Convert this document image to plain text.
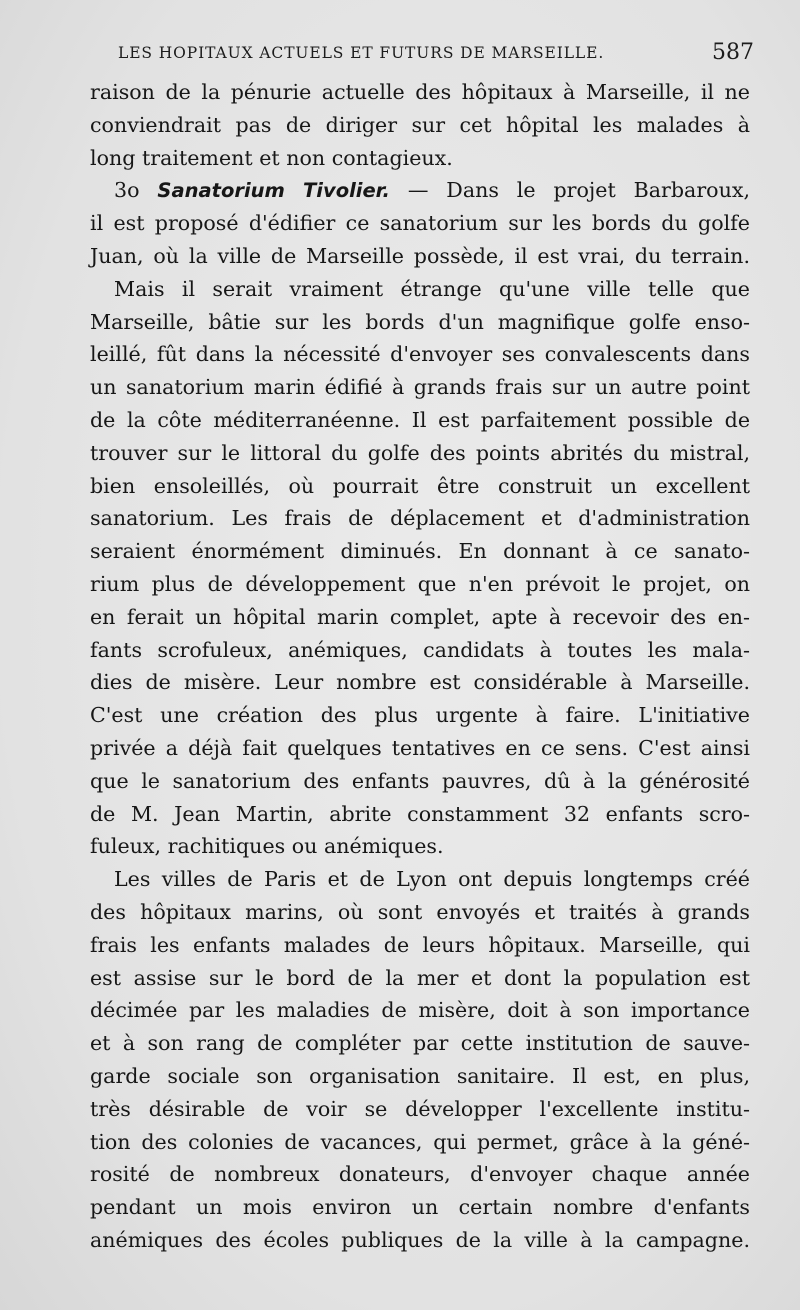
LES HOPITAUX ACTUELS ET FUTURS DE MARSEILLE.	587
raison de la pénurie actuelle des hôpitaux à Marseille, il ne
conviendrait pas de diriger sur cet hôpital les malades à
long traitement et non contagieux.
3o Sanatorium Tivolier. — Dans le projet Barbaroux,
il est proposé d'édifier ce sanatorium sur les bords du golfe
Juan, où la ville de Marseille possède, il est vrai, du terrain.
Mais il serait vraiment étrange qu'une ville telle que
Marseille, bâtie sur les bords d'un magnifique golfe enso-
leillé, fût dans la nécessité d'envoyer ses convalescents dans
un sanatorium marin édifié à grands frais sur un autre point
de la côte méditerranéenne. Il est parfaitement possible de
trouver sur le littoral du golfe des points abrités du mistral,
bien ensoleillés, où pourrait être construit un excellent
sanatorium. Les frais de déplacement et d'administration
seraient énormément diminués. En donnant à ce sanato-
rium plus de développement que n'en prévoit le projet, on
en ferait un hôpital marin complet, apte à recevoir des en-
fants scrofuleux, anémiques, candidats à toutes les mala-
dies de misère. Leur nombre est considérable à Marseille.
C'est une création des plus urgente à faire. L'initiative
privée a déjà fait quelques tentatives en ce sens. C'est ainsi
que le sanatorium des enfants pauvres, dû à la générosité
de M. Jean Martin, abrite constamment 32 enfants scro-
fuleux, rachitiques ou anémiques.
Les villes de Paris et de Lyon ont depuis longtemps créé
des hôpitaux marins, où sont envoyés et traités à grands
frais les enfants malades de leurs hôpitaux. Marseille, qui
est assise sur le bord de la mer et dont la population est
décimée par les maladies de misère, doit à son importance
et à son rang de compléter par cette institution de sauve-
garde sociale son organisation sanitaire. Il est, en plus,
très désirable de voir se développer l'excellente institu-
tion des colonies de vacances, qui permet, grâce à la géné-
rosité de nombreux donateurs, d'envoyer chaque année
pendant un mois environ un certain nombre d'enfants
anémiques des écoles publiques de la ville à la campagne.
